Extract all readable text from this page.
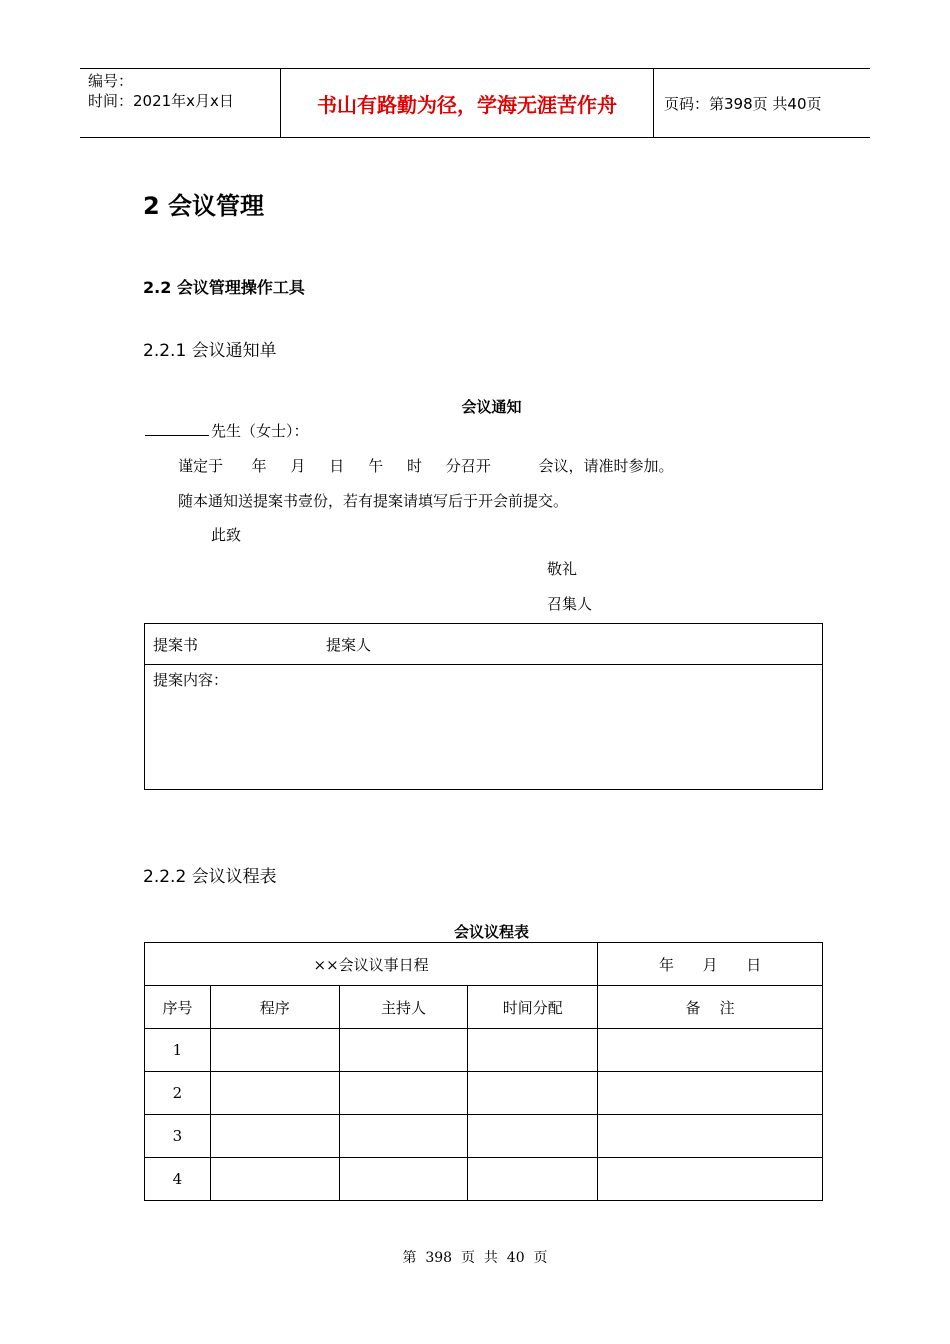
编号：
时间：2021年x月x日	书山有路勤为径，学海无涯苦作舟	页码：第398页 共40页
2 会议管理
2.2 会议管理操作工具
2.2.1 会议通知单
会议通知
先生（女士）：
谨定于      年     月     日     午     时     分召开          会议，请准时参加。
随本通知送提案书壹份，若有提案请填写后于开会前提交。
此致
敬礼
召集人
提案书	提案人
提案内容：
2.2.2 会议议程表
会议议程表
××会议议事日程				年      月      日
序号	程序	主持人	时间分配	备    注
1				
2				
3				
4				
第  398  页  共  40  页
